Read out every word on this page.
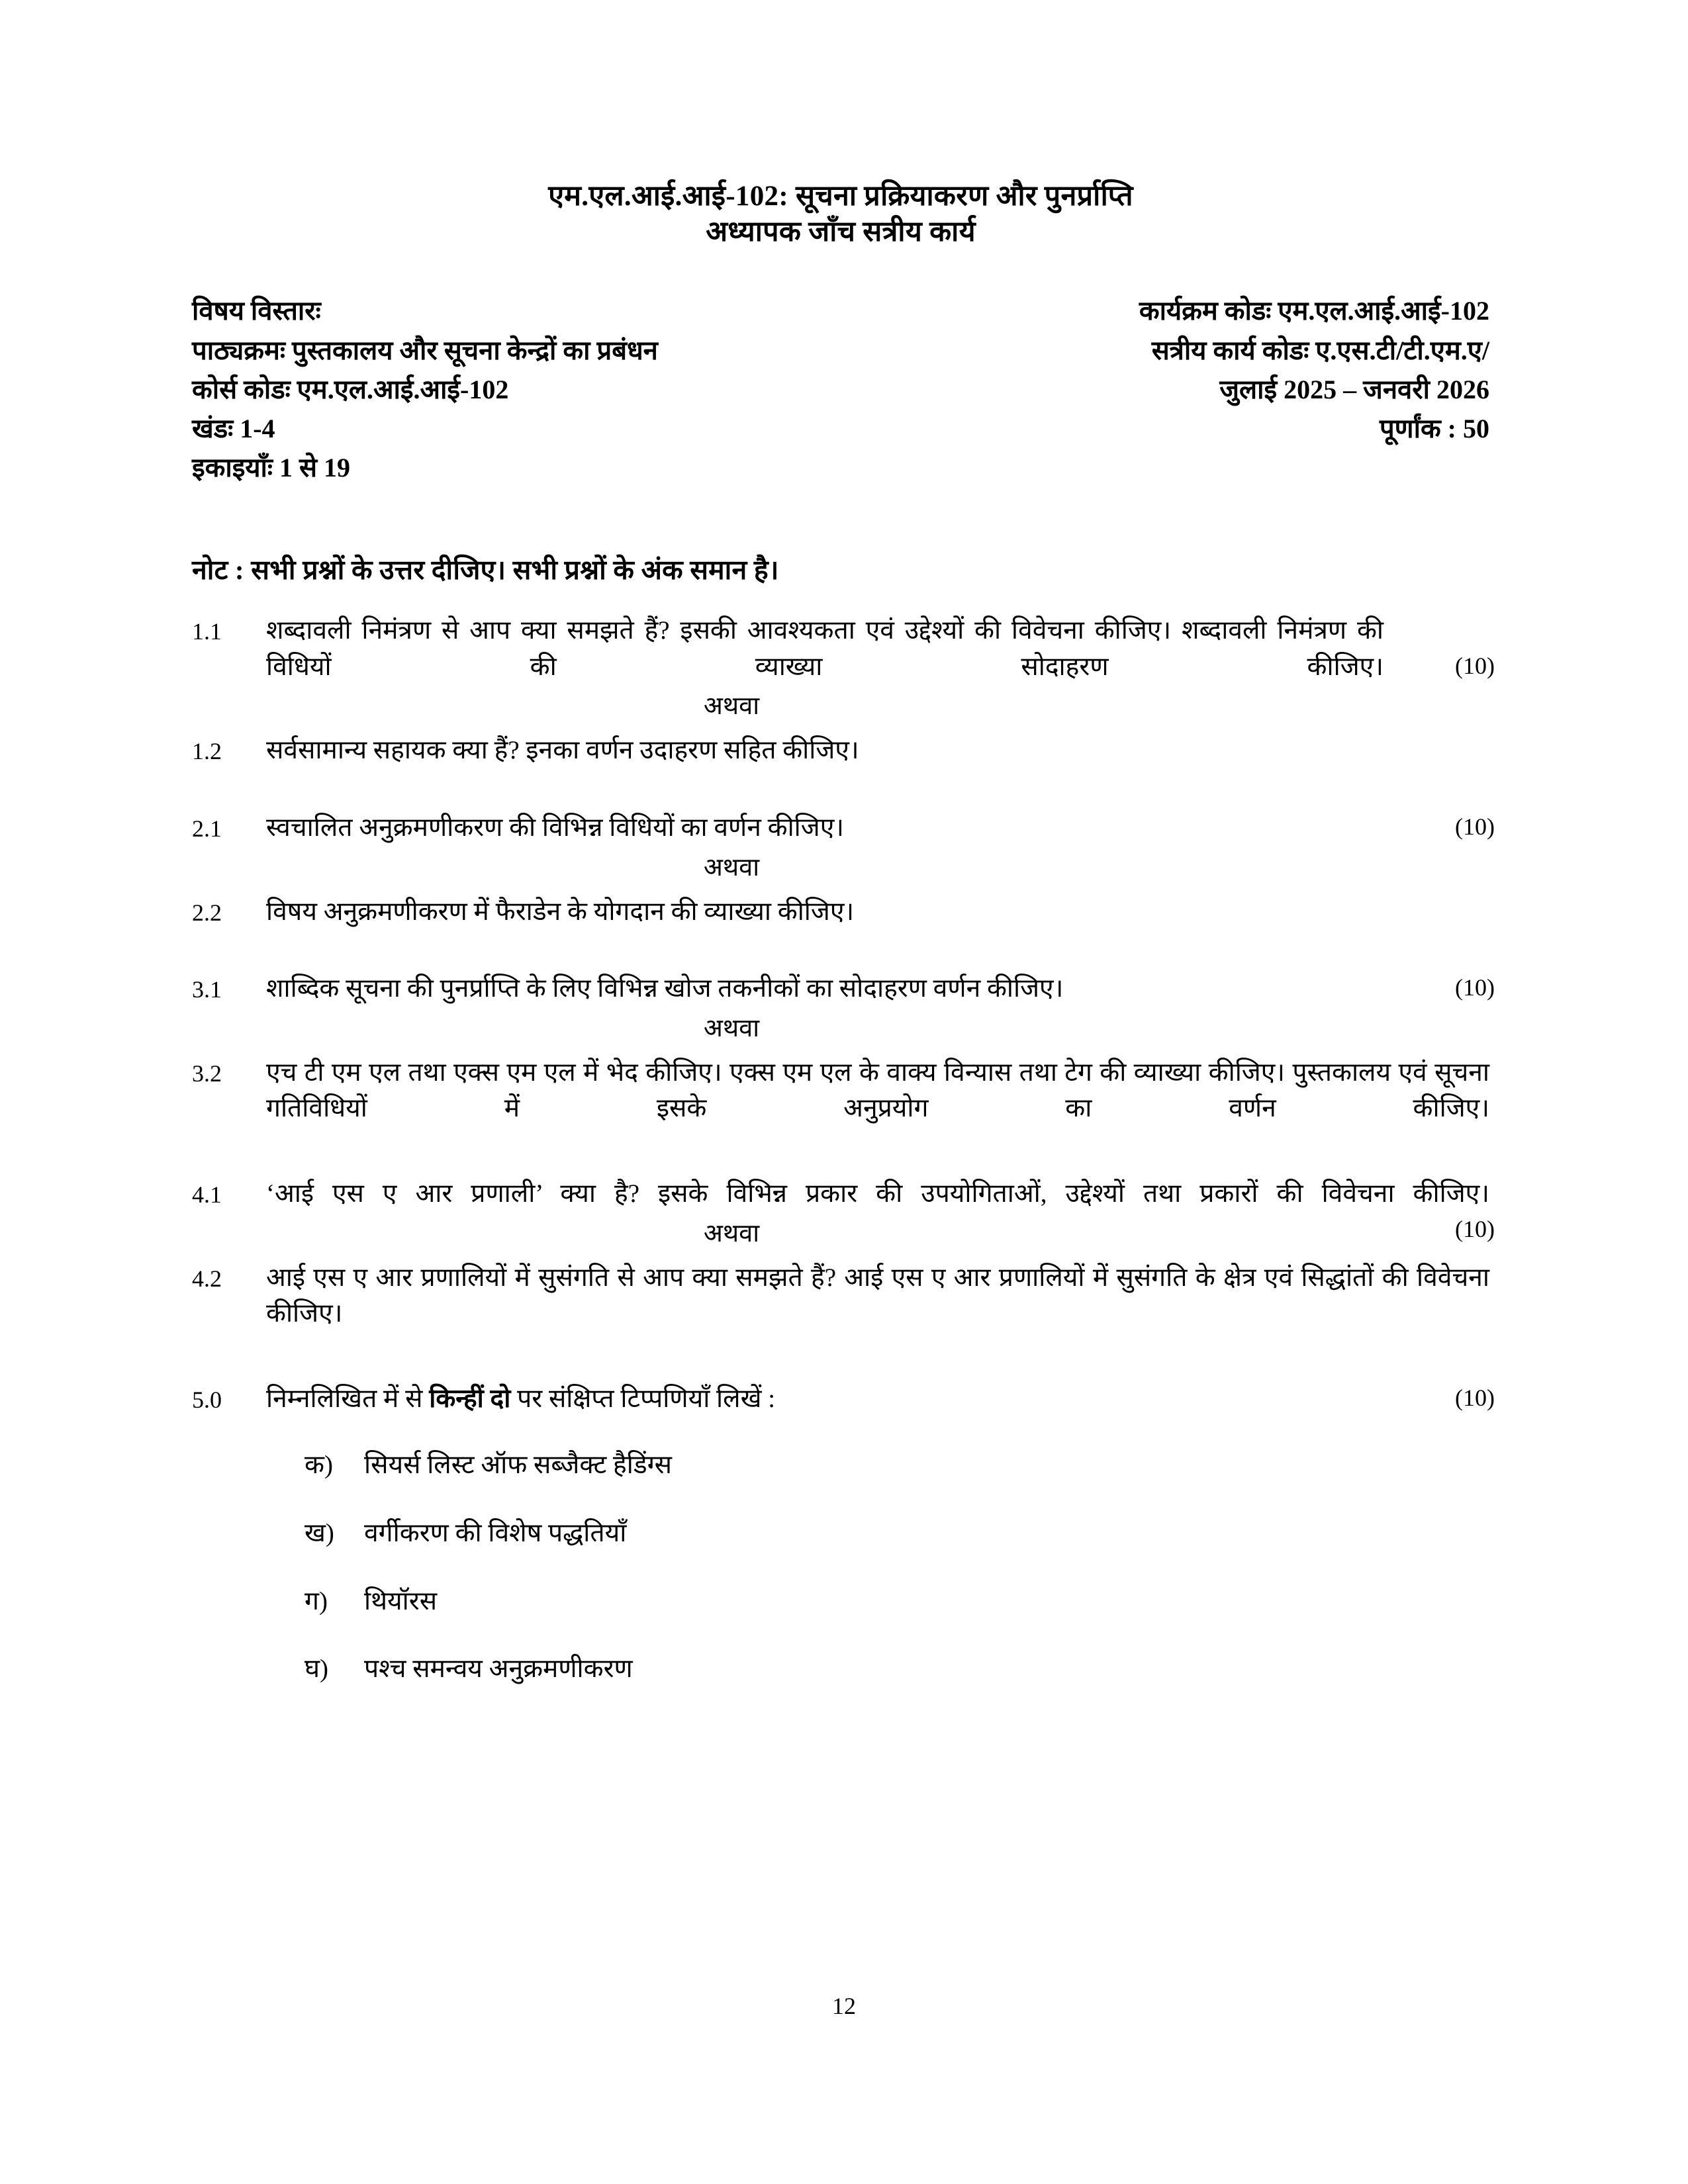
एम.एल.आई.आई-102: सूचना प्रक्रियाकरण और पुनर्प्राप्ति
अध्यापक जाँच सत्रीय कार्य
विषय विस्तारः
पाठ्यक्रमः पुस्तकालय और सूचना केन्द्रों का प्रबंधन
कोर्स कोडः एम.एल.आई.आई-102
खंडः 1-4
इकाइयाँः 1 से 19
कार्यक्रम कोडः एम.एल.आई.आई-102
सत्रीय कार्य कोडः ए.एस.टी/टी.एम.ए/
जुलाई 2025 – जनवरी 2026
पूर्णांक : 50
नोट : सभी प्रश्नों के उत्तर दीजिए। सभी प्रश्नों के अंक समान है।
1.1	शब्दावली निमंत्रण से आप क्या समझते हैं? इसकी आवश्यकता एवं उद्देश्यों की विवेचना कीजिए। शब्दावली निमंत्रण की विधियों की व्याख्या सोदाहरण कीजिए।	(10)
अथवा
1.2	सर्वसामान्य सहायक क्या हैं? इनका वर्णन उदाहरण सहित कीजिए।
2.1	स्वचालित अनुक्रमणीकरण की विभिन्न विधियों का वर्णन कीजिए।	(10)
अथवा
2.2	विषय अनुक्रमणीकरण में फैराडेन के योगदान की व्याख्या कीजिए।
3.1	शाब्दिक सूचना की पुनर्प्राप्ति के लिए विभिन्न खोज तकनीकों का सोदाहरण वर्णन कीजिए।	(10)
अथवा
3.2	एच टी एम एल तथा एक्स एम एल में भेद कीजिए। एक्स एम एल के वाक्य विन्यास तथा टेग की व्याख्या कीजिए। पुस्तकालय एवं सूचना गतिविधियों में इसके अनुप्रयोग का वर्णन कीजिए।
4.1	‘आई एस ए आर प्रणाली’ क्या है? इसके विभिन्न प्रकार की उपयोगिताओं, उद्देश्यों तथा प्रकारों की विवेचना कीजिए।
(10)
अथवा
4.2	आई एस ए आर प्रणालियों में सुसंगति से आप क्या समझते हैं? आई एस ए आर प्रणालियों में सुसंगति के क्षेत्र एवं सिद्धांतों की विवेचना कीजिए।
5.0	निम्नलिखित में से किन्हीं दो पर संक्षिप्त टिप्पणियाँ लिखें :	(10)
क)	सियर्स लिस्ट ऑफ सब्जैक्ट हैडिंग्स
ख)	वर्गीकरण की विशेष पद्धतियाँ
ग)	थियॉरस
घ)	पश्च समन्वय अनुक्रमणीकरण
12
